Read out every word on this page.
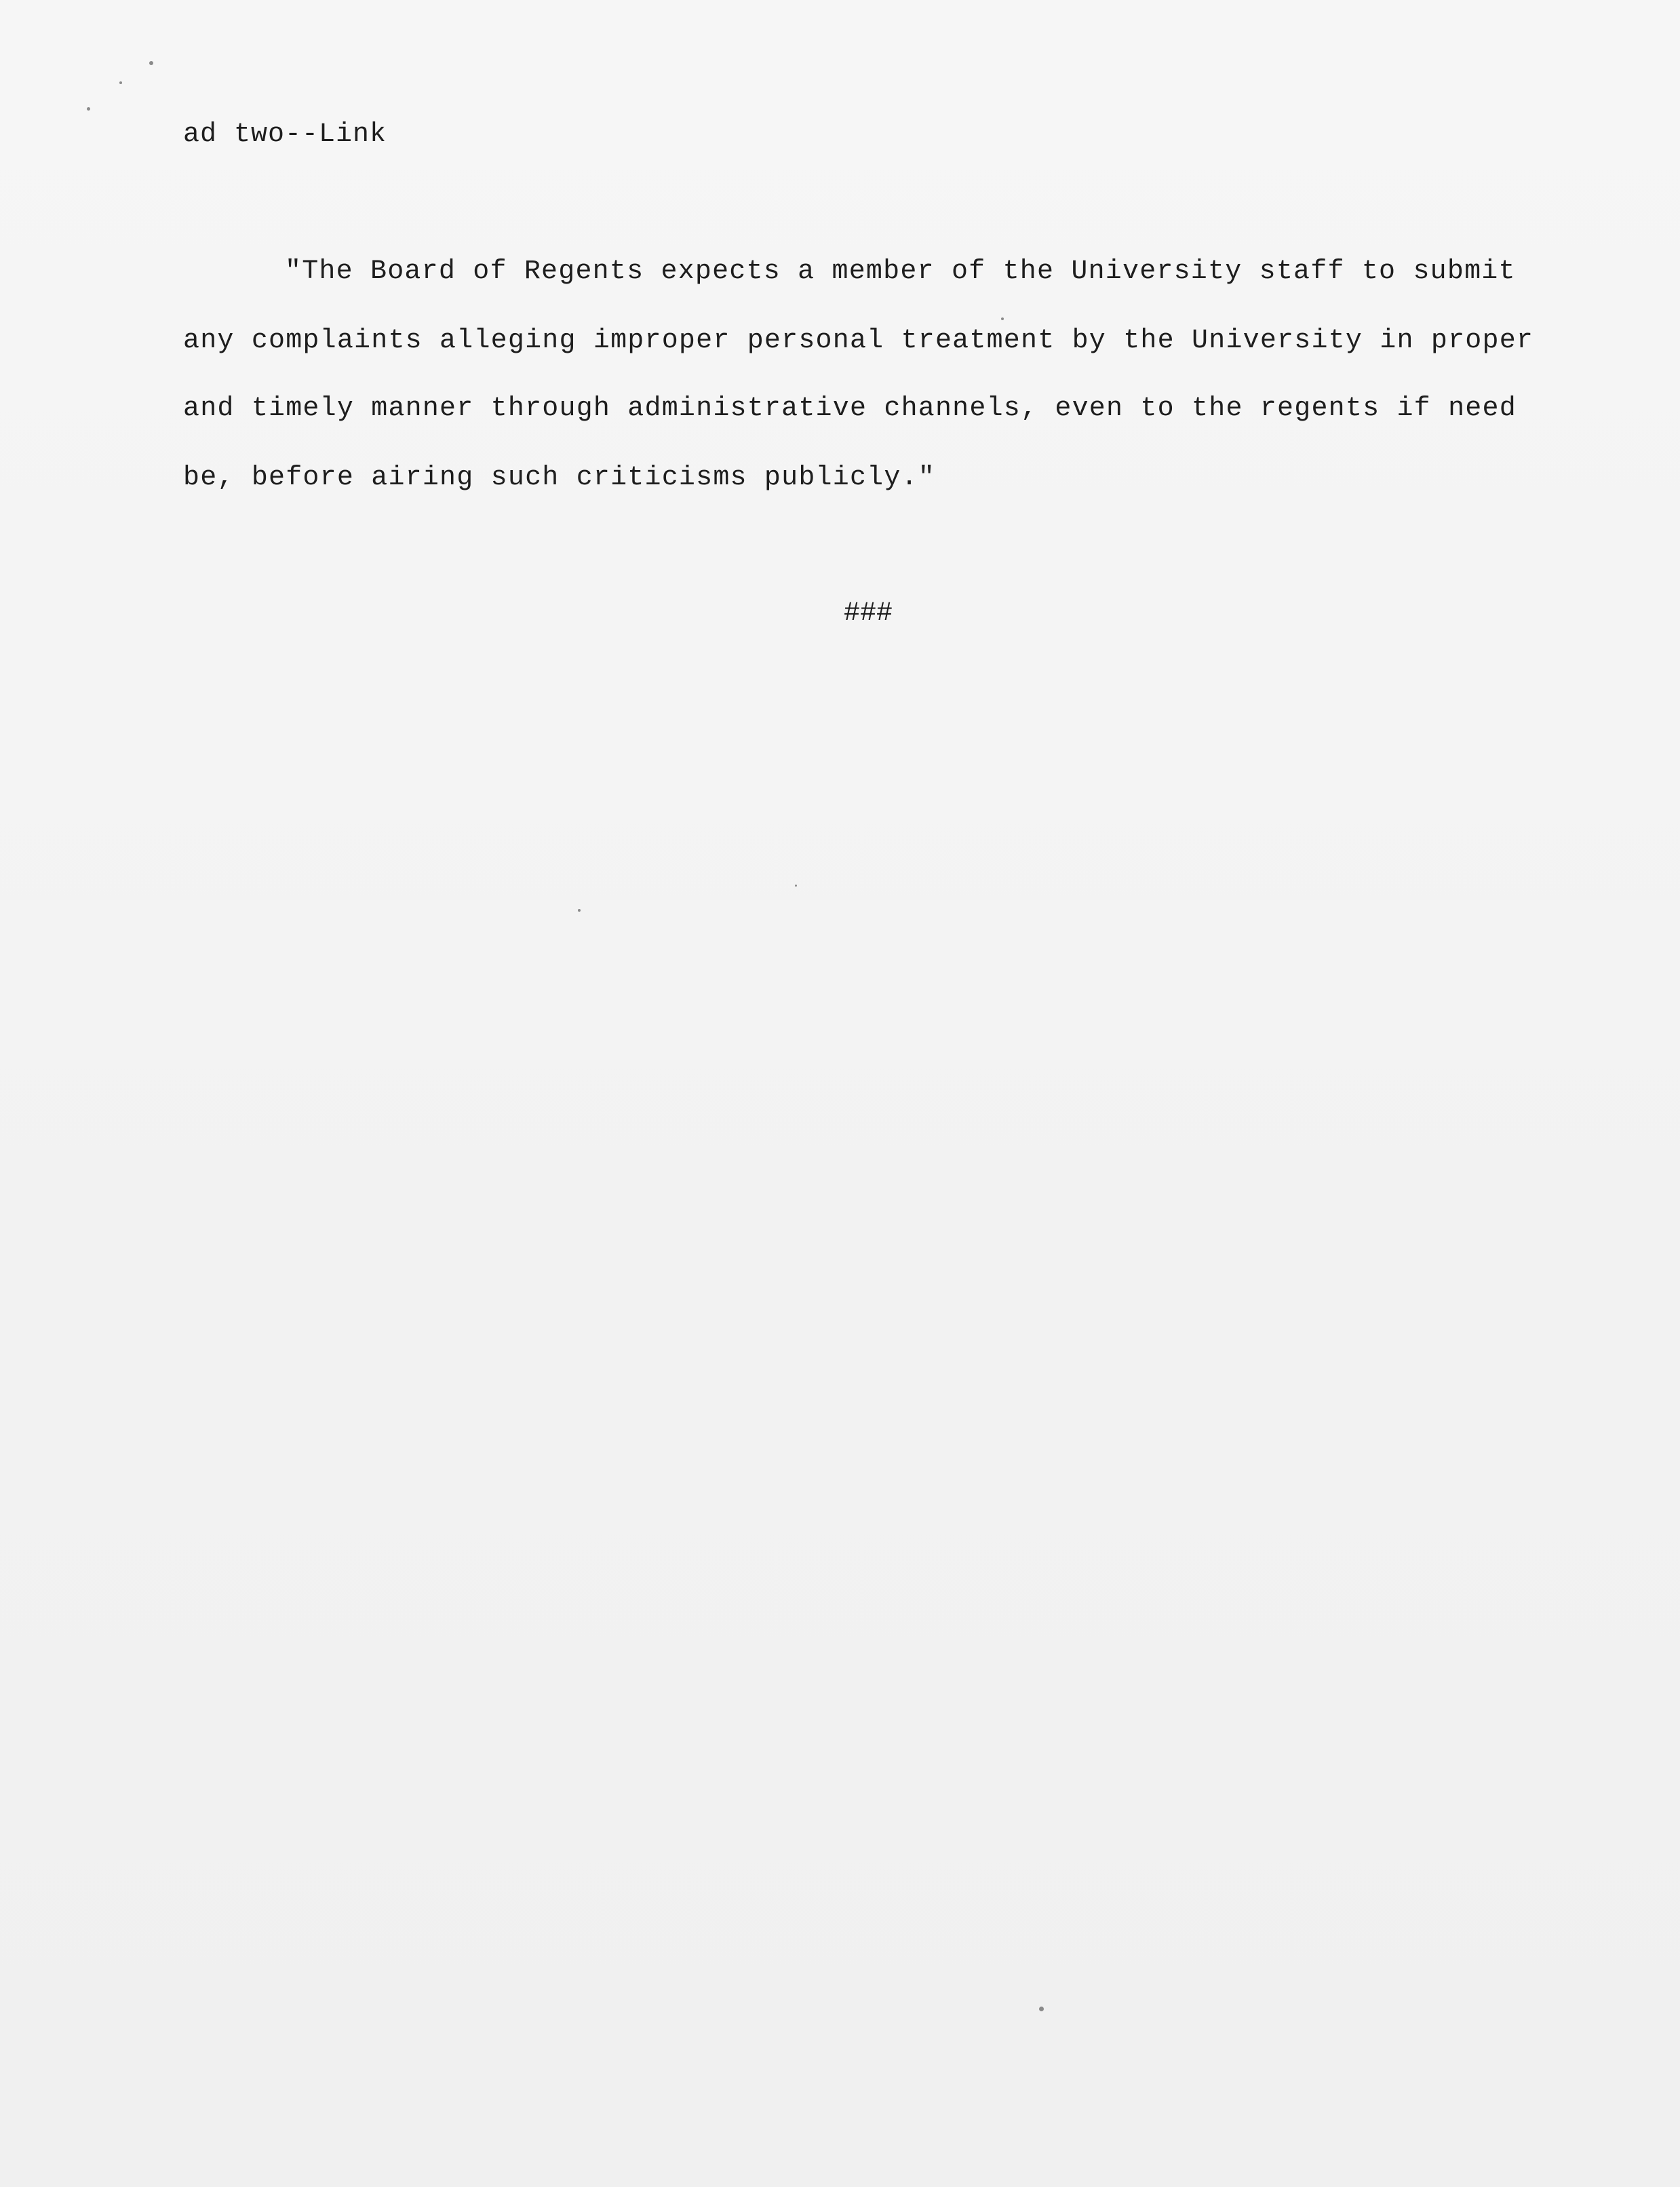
ad two--Link
"The Board of Regents expects a member of the University staff to submit
any complaints alleging improper personal treatment by the University in proper
and timely manner through administrative channels, even to the regents if need
be, before airing such criticisms publicly."
###
